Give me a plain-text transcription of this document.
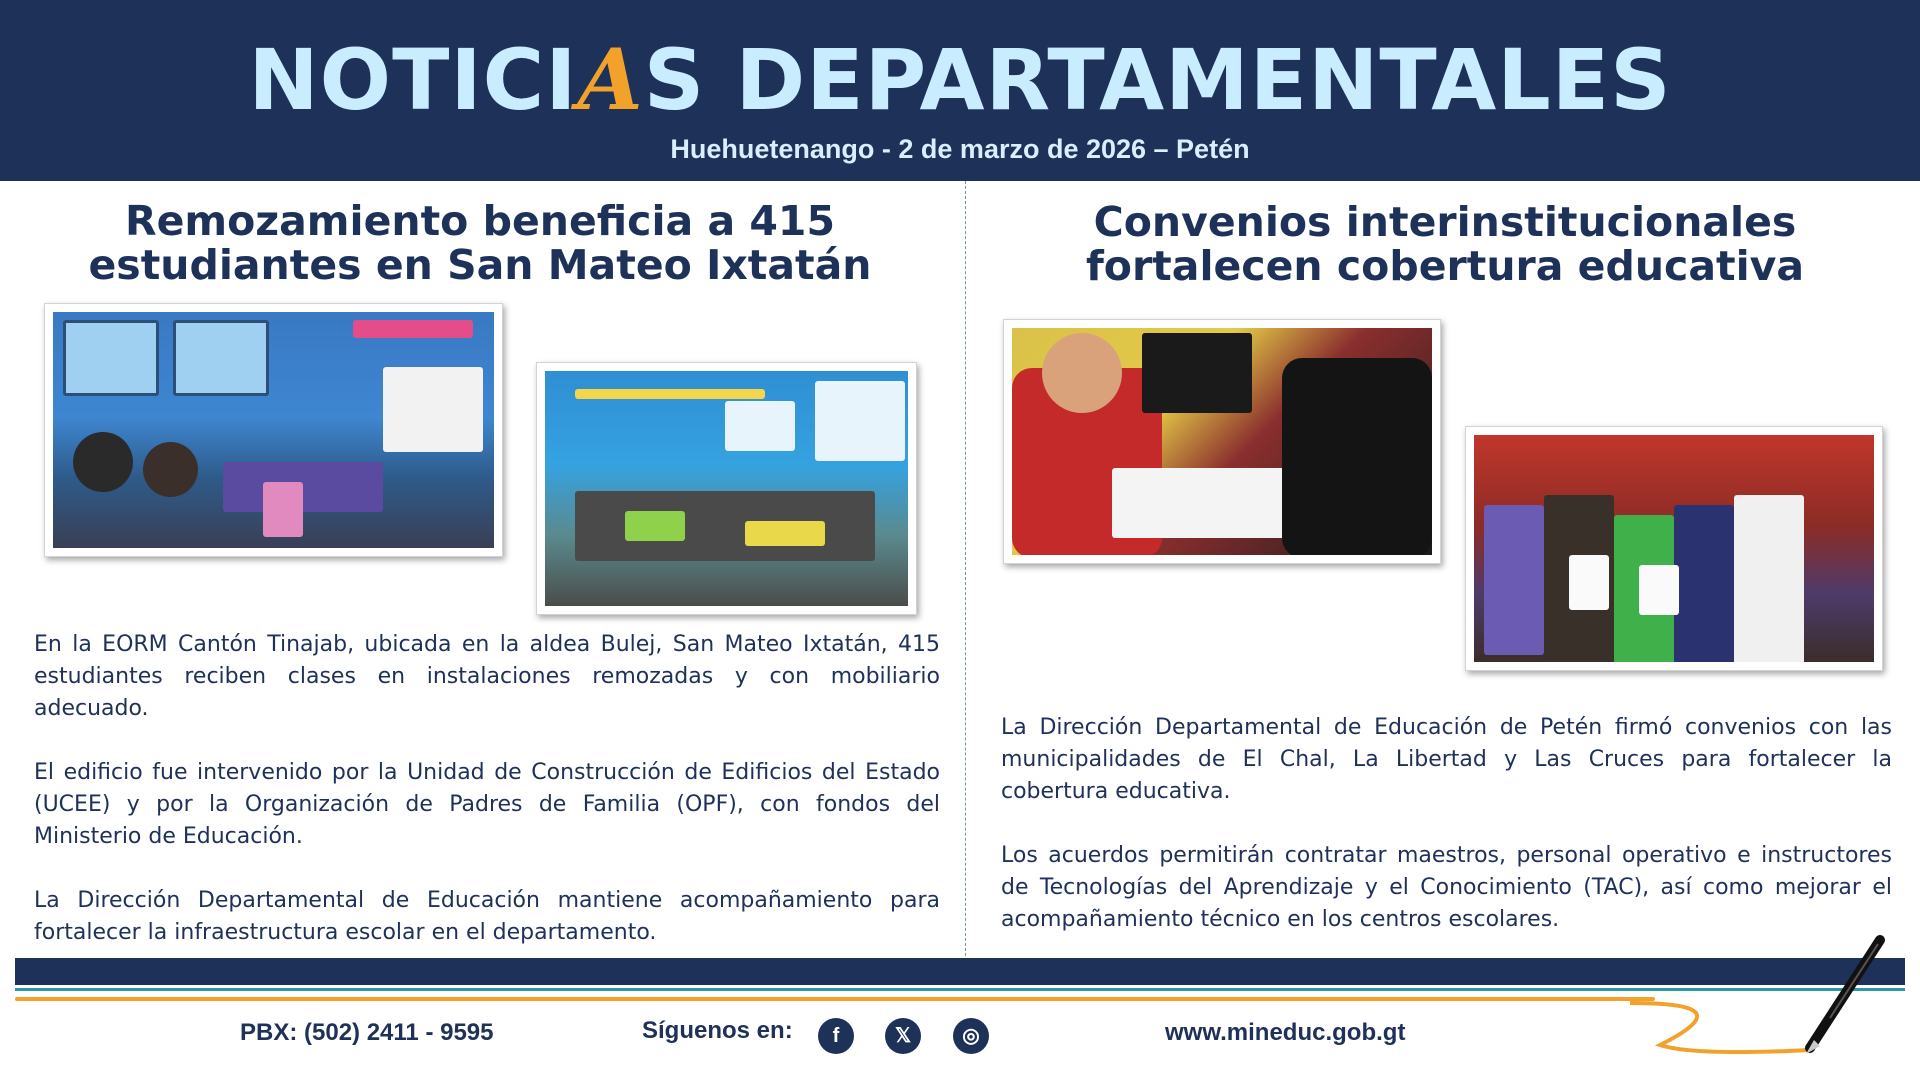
NOTICIAS DEPARTAMENTALES
Huehuetenango - 2 de marzo de 2026 – Petén
Remozamiento beneficia a 415
estudiantes en San Mateo Ixtatán

En la EORM Cantón Tinajab, ubicada en la aldea Bulej, San Mateo Ixtatán, 415 estudiantes reciben clases en instalaciones remozadas y con mobiliario adecuado.

El edificio fue intervenido por la Unidad de Construcción de Edificios del Estado (UCEE) y por la Organización de Padres de Familia (OPF), con fondos del Ministerio de Educación.

La Dirección Departamental de Educación mantiene acompañamiento para fortalecer la infraestructura escolar en el departamento.

Convenios interinstitucionales
fortalecen cobertura educativa

La Dirección Departamental de Educación de Petén firmó convenios con las municipalidades de El Chal, La Libertad y Las Cruces para fortalecer la cobertura educativa.

Los acuerdos permitirán contratar maestros, personal operativo e instructores de Tecnologías del Aprendizaje y el Conocimiento (TAC), así como mejorar el acompañamiento técnico en los centros escolares.

PBX: (502) 2411 - 9595	Síguenos en:	f	𝕏	◎	www.mineduc.gob.gt
